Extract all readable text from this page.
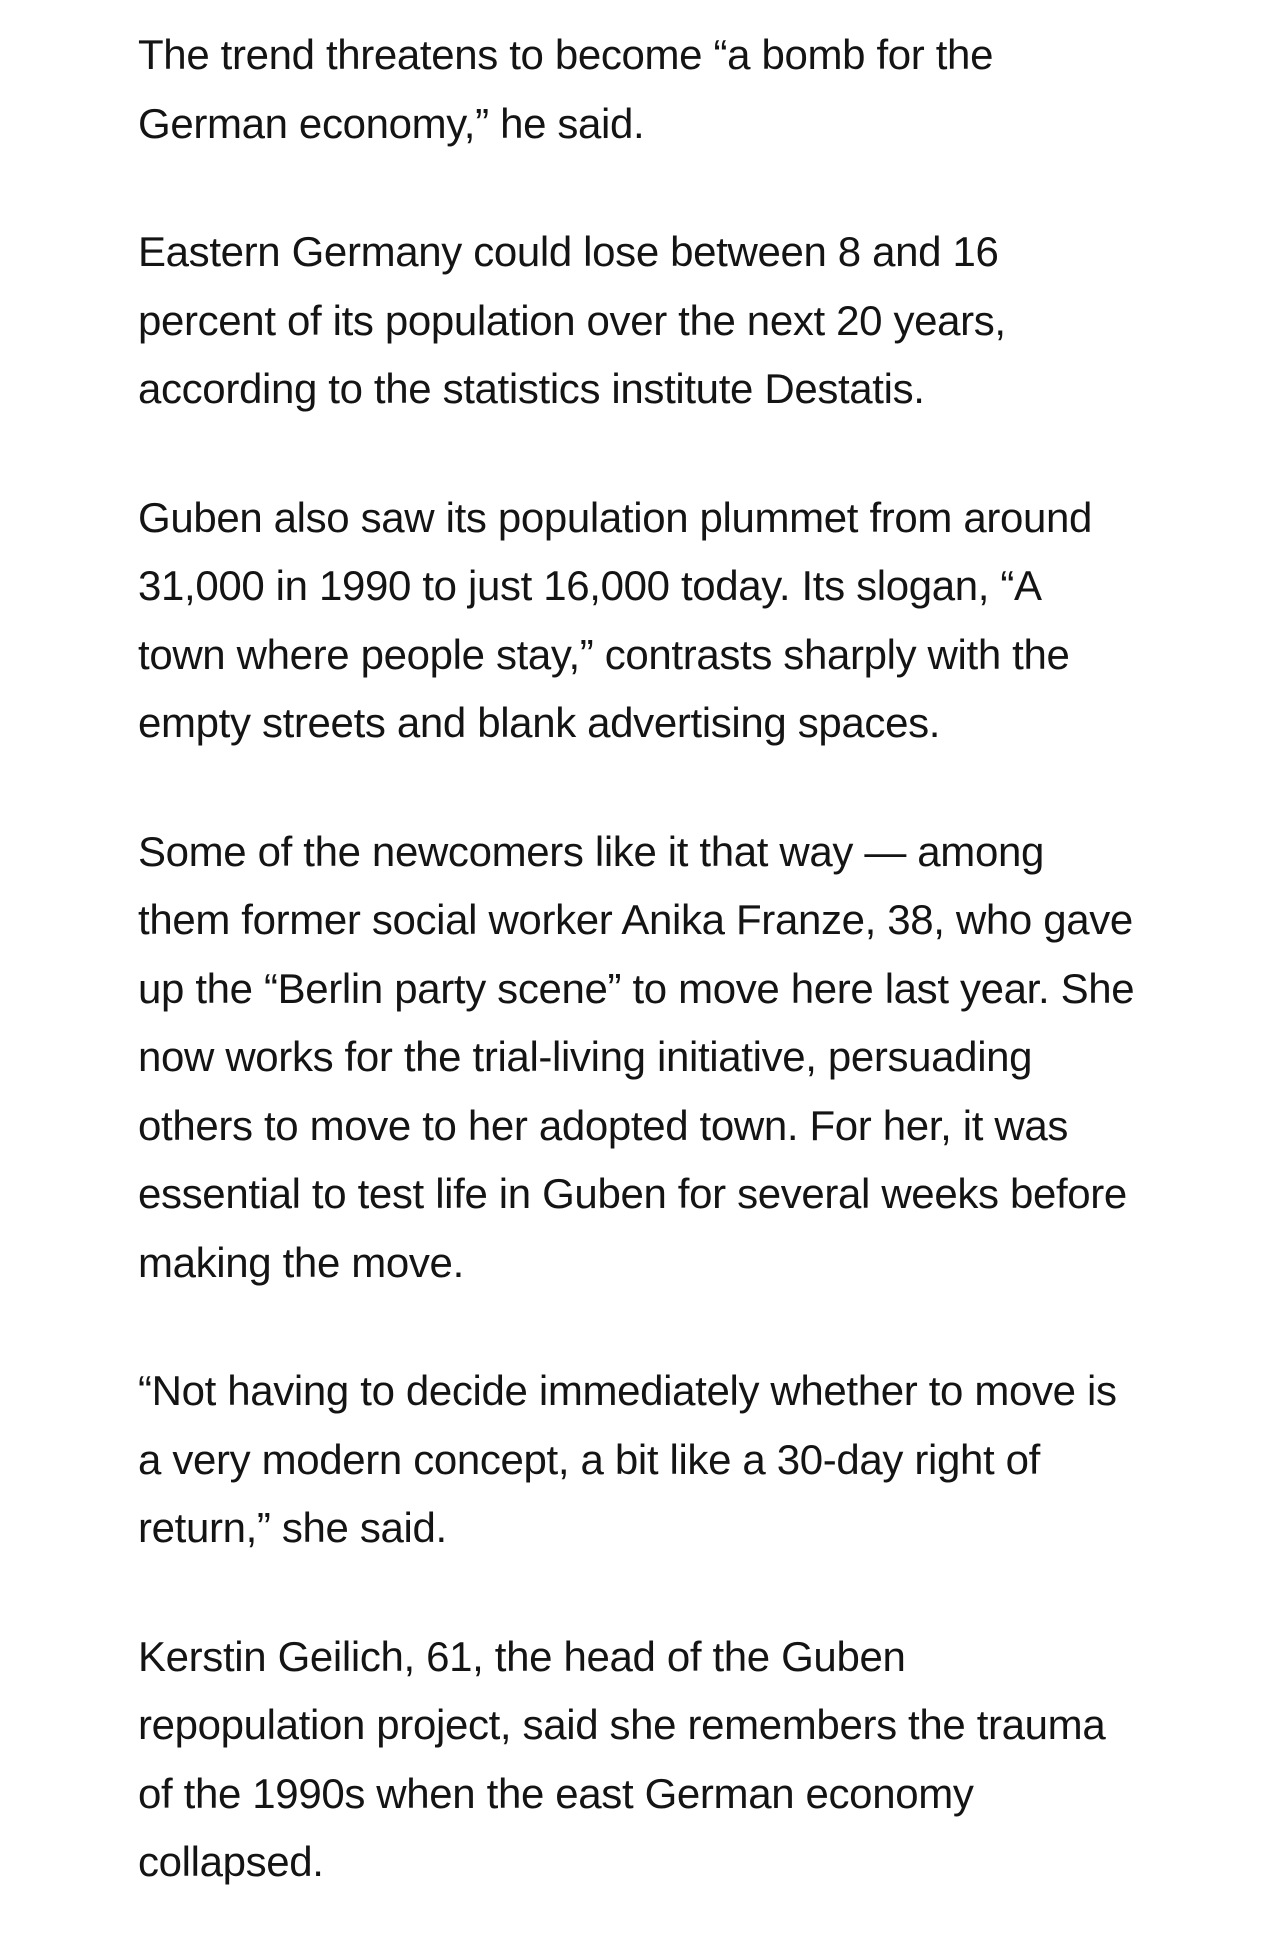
The trend threatens to become “a bomb for the
German economy,” he said.

Eastern Germany could lose between 8 and 16
percent of its population over the next 20 years,
according to the statistics institute Destatis.

Guben also saw its population plummet from around
31,000 in 1990 to just 16,000 today. Its slogan, “A
town where people stay,” contrasts sharply with the
empty streets and blank advertising spaces.

Some of the newcomers like it that way — among
them former social worker Anika Franze, 38, who gave
up the “Berlin party scene” to move here last year. She
now works for the trial-living initiative, persuading
others to move to her adopted town. For her, it was
essential to test life in Guben for several weeks before
making the move.

“Not having to decide immediately whether to move is
a very modern concept, a bit like a 30-day right of
return,” she said.

Kerstin Geilich, 61, the head of the Guben
repopulation project, said she remembers the trauma
of the 1990s when the east German economy
collapsed.
